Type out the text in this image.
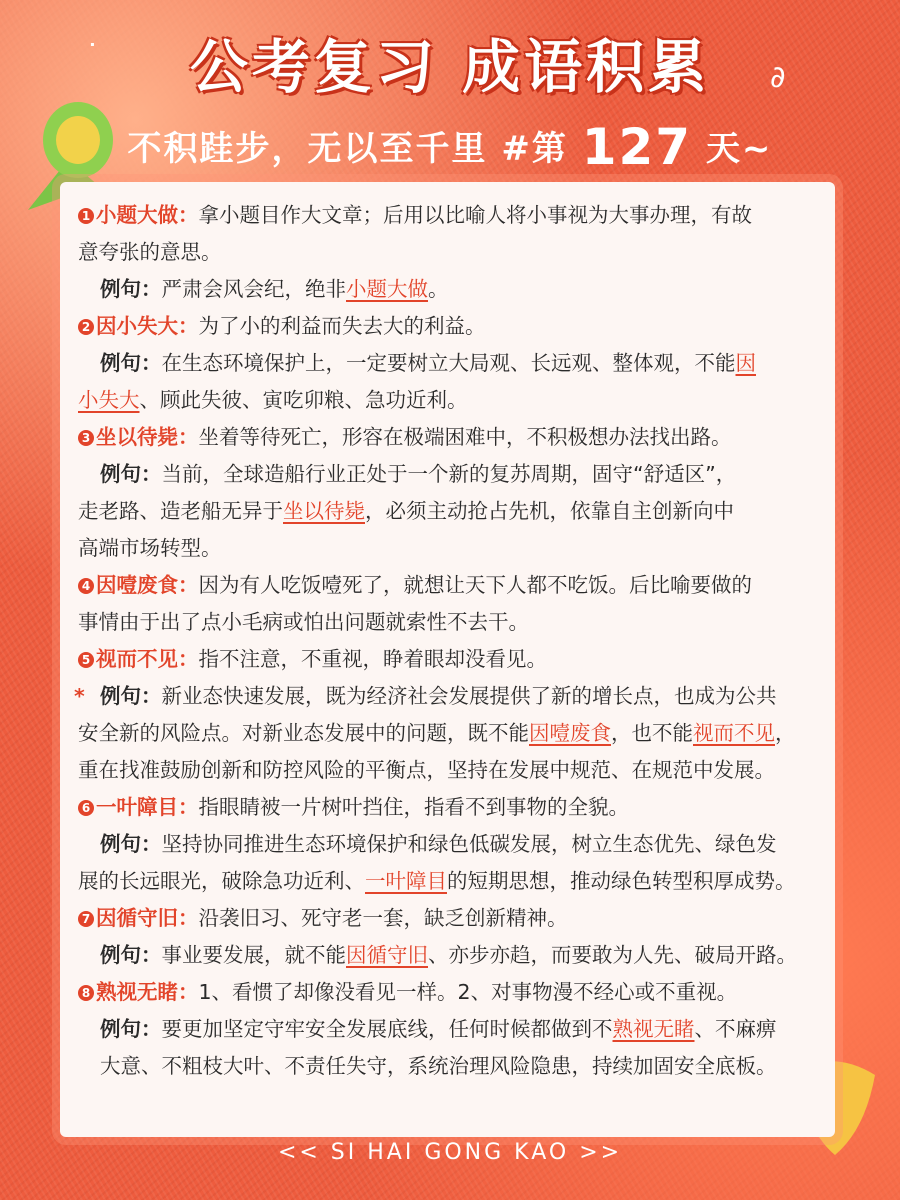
公考复习 成语积累
ᐝ
∂
不积跬步，无以至千里 #第 127 天~
1 小题大做：拿小题目作大文章；后用以比喻人将小事视为大事办理，有故
意夸张的意思。
例句：严肃会风会纪，绝非小题大做。
2 因小失大：为了小的利益而失去大的利益。
例句：在生态环境保护上，一定要树立大局观、长远观、整体观，不能因
小失大、顾此失彼、寅吃卯粮、急功近利。
3 坐以待毙：坐着等待死亡，形容在极端困难中，不积极想办法找出路。
例句：当前，全球造船行业正处于一个新的复苏周期，固守“舒适区”，
走老路、造老船无异于坐以待毙，必须主动抢占先机，依靠自主创新向中
高端市场转型。
4 因噎废食：因为有人吃饭噎死了，就想让天下人都不吃饭。后比喻要做的
事情由于出了点小毛病或怕出问题就索性不去干。
5 视而不见：指不注意，不重视，睁着眼却没看见。
* 例句：新业态快速发展，既为经济社会发展提供了新的增长点，也成为公共
安全新的风险点。对新业态发展中的问题，既不能因噎废食，也不能视而不见，
重在找准鼓励创新和防控风险的平衡点，坚持在发展中规范、在规范中发展。
6 一叶障目：指眼睛被一片树叶挡住，指看不到事物的全貌。
例句：坚持协同推进生态环境保护和绿色低碳发展，树立生态优先、绿色发
展的长远眼光，破除急功近利、一叶障目的短期思想，推动绿色转型积厚成势。
7 因循守旧：沿袭旧习、死守老一套，缺乏创新精神。
例句：事业要发展，就不能因循守旧、亦步亦趋，而要敢为人先、破局开路。
8 熟视无睹：1、看惯了却像没看见一样。2、对事物漫不经心或不重视。
例句：要更加坚定守牢安全发展底线，任何时候都做到不熟视无睹、不麻痹
大意、不粗枝大叶、不责任失守，系统治理风险隐患，持续加固安全底板。
<< SI HAI GONG KAO >>
